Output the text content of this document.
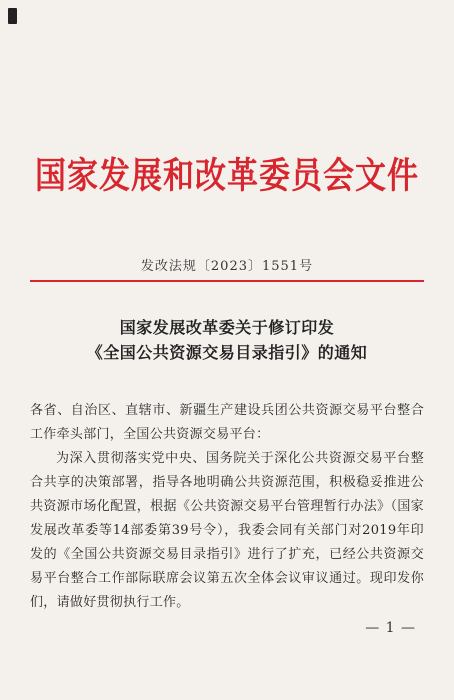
国家发展和改革委员会文件
发改法规〔2023〕1551号
国家发展改革委关于修订印发
《全国公共资源交易目录指引》的通知

各省、自治区、直辖市、新疆生产建设兵团公共资源交易平台整合工作牵头部门，全国公共资源交易平台：

为深入贯彻落实党中央、国务院关于深化公共资源交易平台整合共享的决策部署，指导各地明确公共资源范围，积极稳妥推进公共资源市场化配置，根据《公共资源交易平台管理暂行办法》（国家发展改革委等14部委第39号令），我委会同有关部门对2019年印发的《全国公共资源交易目录指引》进行了扩充，已经公共资源交易平台整合工作部际联席会议第五次全体会议审议通过。现印发你们，请做好贯彻执行工作。

— 1 —
